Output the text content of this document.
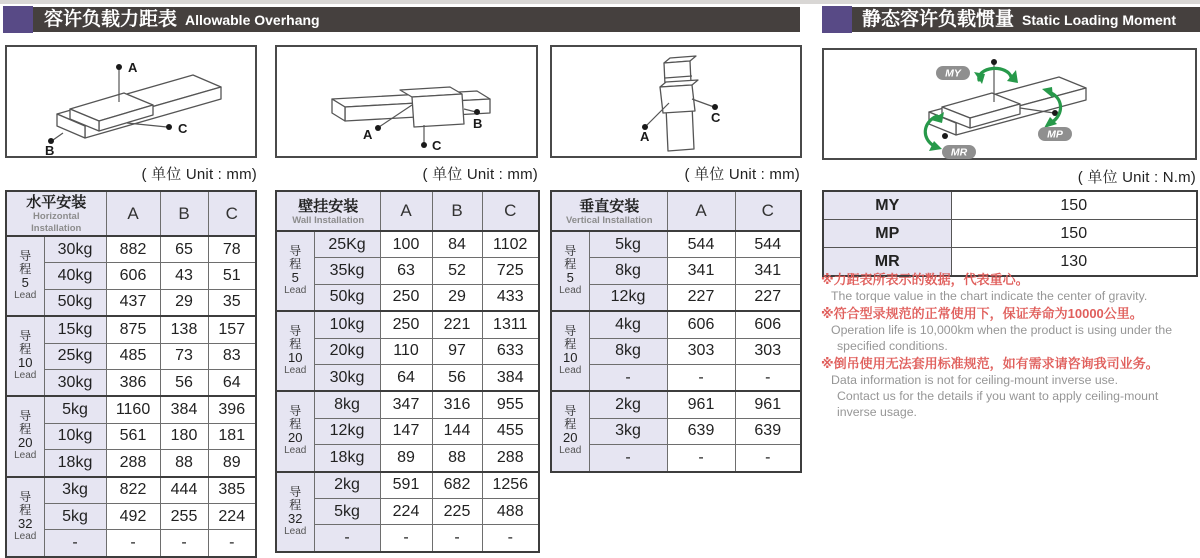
容许负载力距表 Allowable Overhang	静态容许负载惯量 Static Loading Moment
A
B
C	A
B
C
A
C
MY
MP
MR
( 单位 Unit : mm)	( 单位 Unit : mm)	( 单位 Unit : mm)	( 单位 Unit : N.m)
水平安装
Horizontal Installation		A	B	C

导
程
5
Lead	30kg	882	65	78
	40kg	606	43	51
	50kg	437	29	35

导
程
10
Lead	15kg	875	138	157
	25kg	485	73	83
	30kg	386	56	64

导
程
20
Lead	5kg	1160	384	396
	10kg	561	180	181
	18kg	288	88	89

导
程
32
Lead	3kg	822	444	385
	5kg	492	255	224
	-	-	-	-
壁挂安装
Wall Installation		A	B	C

导
程
5
Lead	25Kg	100	84	1102
	35kg	63	52	725
	50kg	250	29	433

导
程
10
Lead	10kg	250	221	1311
	20kg	110	97	633
	30kg	64	56	384

导
程
20
Lead	8kg	347	316	955
	12kg	147	144	455
	18kg	89	88	288

导
程
32
Lead	2kg	591	682	1256
	5kg	224	225	488
	-	-	-	-
垂直安装
Vertical Installation		A	C

导
程
5
Lead	5kg	544	544
	8kg	341	341
	12kg	227	227

导
程
10
Lead	4kg	606	606
	8kg	303	303
	-	-	-

导
程
20
Lead	2kg	961	961
	3kg	639	639
	-	-	-
MY	150
MP	150
MR	130
※力距表所表示的数据，代表重心。
The torque value in the chart indicate the center of gravity.
※符合型录规范的正常使用下，保证寿命为10000公里。
Operation life is 10,000km when the product is using under the
specified conditions.
※倒吊使用无法套用标准规范，如有需求请咨询我司业务。
Data information is not for ceiling-mount inverse use.
Contact us for the details if you want to apply ceiling-mount
inverse usage.
